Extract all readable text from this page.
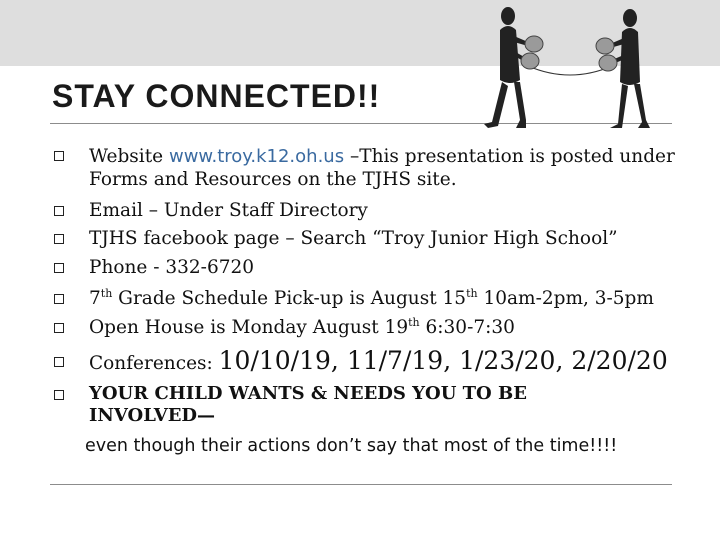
STAY CONNECTED!!
Website www.troy.k12.oh.us –This presentation is posted under Forms and Resources on the TJHS site.
Email – Under Staff Directory
TJHS facebook page – Search “Troy Junior High School”
Phone - 332-6720
7th Grade Schedule Pick-up is August 15th 10am-2pm, 3-5pm
Open House is Monday August 19th 6:30-7:30
Conferences: 10/10/19, 11/7/19, 1/23/20, 2/20/20
YOUR CHILD WANTS & NEEDS YOU TO BE INVOLVED—
even though their actions don’t say that most of the time!!!!
